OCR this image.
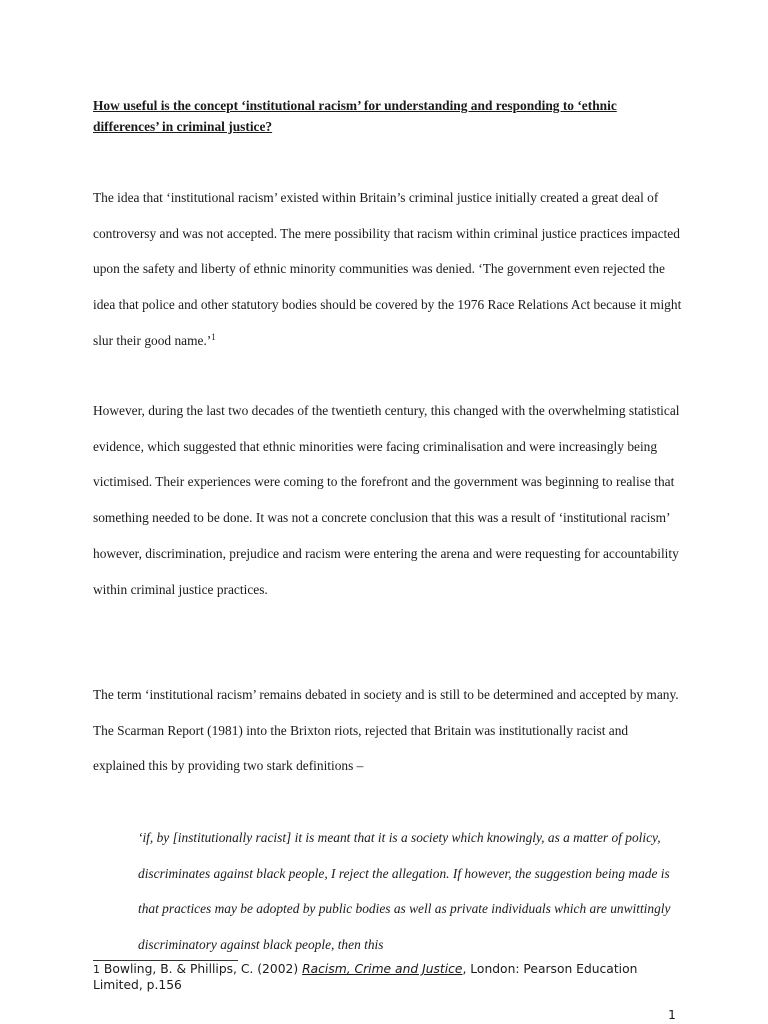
How useful is the concept ‘institutional racism’ for understanding and responding to ‘ethnic differences’ in criminal justice?

The idea that ‘institutional racism’ existed within Britain’s criminal justice initially created a great deal of controversy and was not accepted. The mere possibility that racism within criminal justice practices impacted upon the safety and liberty of ethnic minority communities was denied. ‘The government even rejected the idea that police and other statutory bodies should be covered by the 1976 Race Relations Act because it might slur their good name.’$^1$

However, during the last two decades of the twentieth century, this changed with the overwhelming statistical evidence, which suggested that ethnic minorities were facing criminalisation and were increasingly being victimised. Their experiences were coming to the forefront and the government was beginning to realise that something needed to be done. It was not a concrete conclusion that this was a result of ‘institutional racism’ however, discrimination, prejudice and racism were entering the arena and were requesting for accountability within criminal justice practices.

The term ‘institutional racism’ remains debated in society and is still to be determined and accepted by many. The Scarman Report (1981) into the Brixton riots, rejected that Britain was institutionally racist and explained this by providing two stark definitions –

‘if, by [institutionally racist] it is meant that it is a society which knowingly, as a matter of policy, discriminates against black people, I reject the allegation. If however, the suggestion being made is that practices may be adopted by public bodies as well as private individuals which are unwittingly discriminatory against black people, then this

1 Bowling, B. & Phillips, C. (2002) Racism, Crime and Justice, London: Pearson Education Limited, p.156
1
